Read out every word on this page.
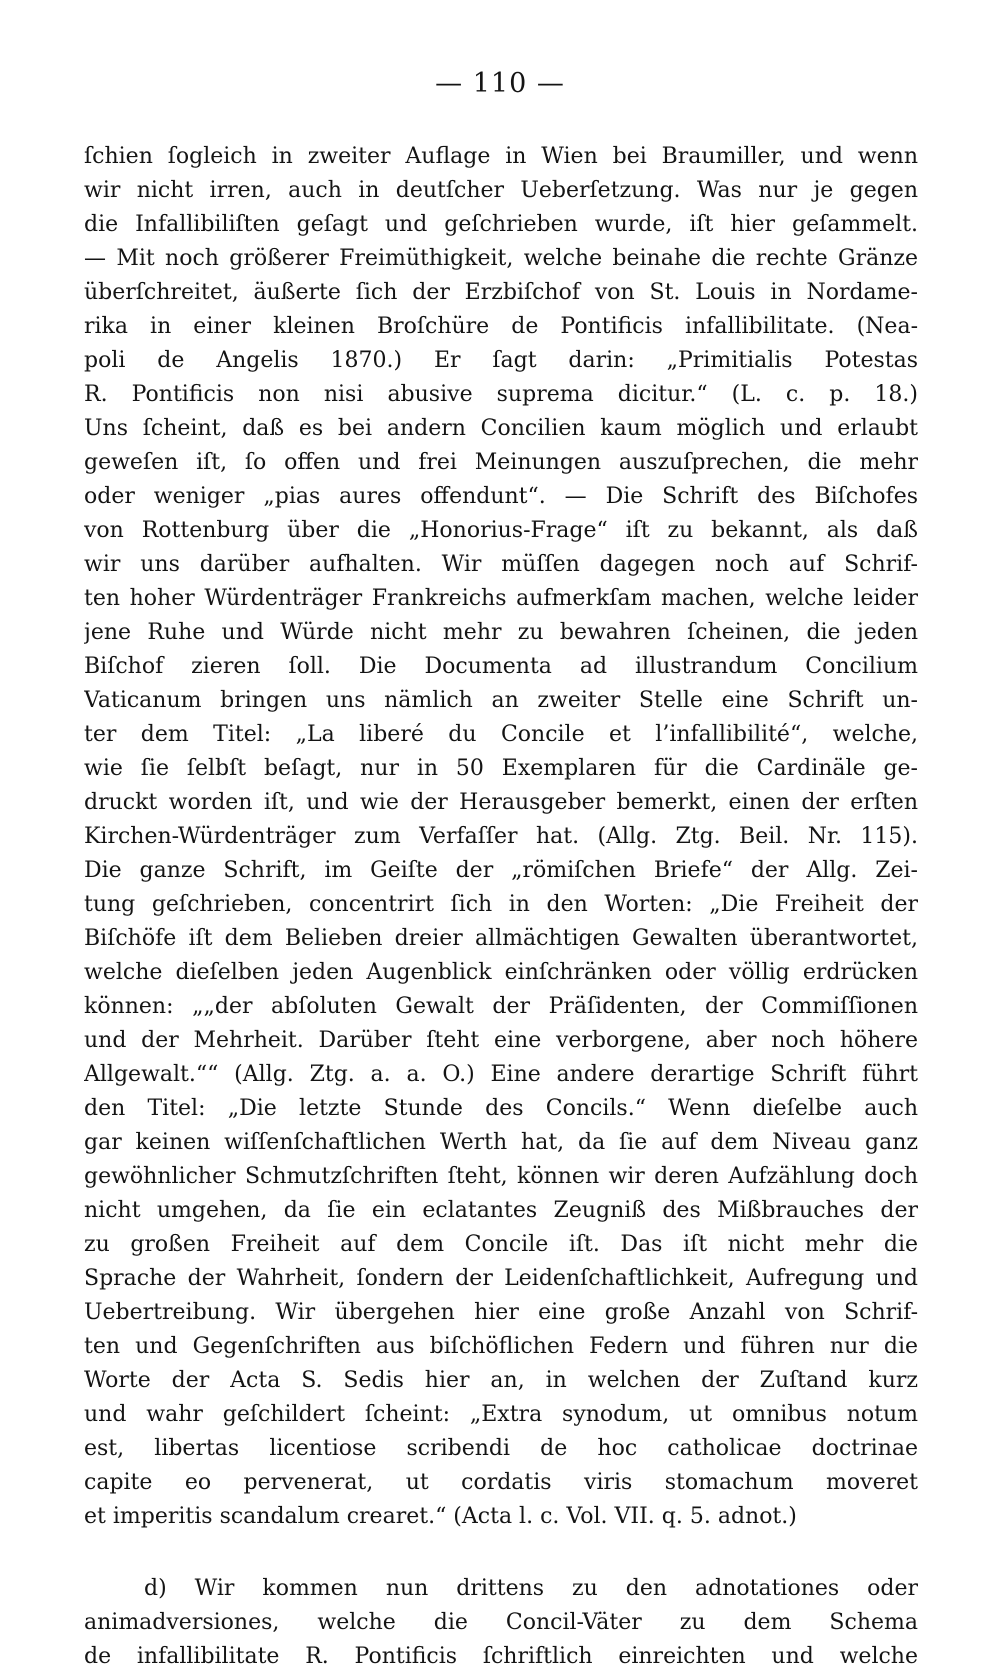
— 110 —
ſchien ſogleich in zweiter Auflage in Wien bei Braumiller, und wenn
wir nicht irren, auch in deutſcher Ueberſetzung. Was nur je gegen
die Infallibiliſten geſagt und geſchrieben wurde, iſt hier geſammelt.
— Mit noch größerer Freimüthigkeit, welche beinahe die rechte Gränze
überſchreitet, äußerte ſich der Erzbiſchof von St. Louis in Nordame-
rika in einer kleinen Broſchüre de Pontificis infallibilitate. (Nea-
poli de Angelis 1870.) Er ſagt darin: „Primitialis Potestas
R. Pontificis non nisi abusive suprema dicitur.“ (L. c. p. 18.)
Uns ſcheint, daß es bei andern Concilien kaum möglich und erlaubt
geweſen iſt, ſo offen und frei Meinungen auszuſprechen, die mehr
oder weniger „pias aures offendunt“. — Die Schrift des Biſchofes
von Rottenburg über die „Honorius-Frage“ iſt zu bekannt, als daß
wir uns darüber aufhalten. Wir müſſen dagegen noch auf Schrif-
ten hoher Würdenträger Frankreichs aufmerkſam machen, welche leider
jene Ruhe und Würde nicht mehr zu bewahren ſcheinen, die jeden
Biſchof zieren ſoll. Die Documenta ad illustrandum Concilium
Vaticanum bringen uns nämlich an zweiter Stelle eine Schrift un-
ter dem Titel: „La liberé du Concile et l’infallibilité“, welche,
wie ſie ſelbſt beſagt, nur in 50 Exemplaren für die Cardinäle ge-
druckt worden iſt, und wie der Herausgeber bemerkt, einen der erſten
Kirchen-Würdenträger zum Verfaſſer hat. (Allg. Ztg. Beil. Nr. 115).
Die ganze Schrift, im Geiſte der „römiſchen Briefe“ der Allg. Zei-
tung geſchrieben, concentrirt ſich in den Worten: „Die Freiheit der
Biſchöfe iſt dem Belieben dreier allmächtigen Gewalten überantwortet,
welche dieſelben jeden Augenblick einſchränken oder völlig erdrücken
können: „„der abſoluten Gewalt der Präſidenten, der Commiſſionen
und der Mehrheit. Darüber ſteht eine verborgene, aber noch höhere
Allgewalt.““ (Allg. Ztg. a. a. O.) Eine andere derartige Schrift führt
den Titel: „Die letzte Stunde des Concils.“ Wenn dieſelbe auch
gar keinen wiſſenſchaftlichen Werth hat, da ſie auf dem Niveau ganz
gewöhnlicher Schmutzſchriften ſteht, können wir deren Aufzählung doch
nicht umgehen, da ſie ein eclatantes Zeugniß des Mißbrauches der
zu großen Freiheit auf dem Concile iſt. Das iſt nicht mehr die
Sprache der Wahrheit, ſondern der Leidenſchaftlichkeit, Aufregung und
Uebertreibung. Wir übergehen hier eine große Anzahl von Schrif-
ten und Gegenſchriften aus biſchöflichen Federn und führen nur die
Worte der Acta S. Sedis hier an, in welchen der Zuſtand kurz
und wahr geſchildert ſcheint: „Extra synodum, ut omnibus notum
est, libertas licentiose scribendi de hoc catholicae doctrinae
capite eo pervenerat, ut cordatis viris stomachum moveret
et imperitis scandalum crearet.“ (Acta l. c. Vol. VII. q. 5. adnot.)
d) Wir kommen nun drittens zu den adnotationes oder
animadversiones, welche die Concil-Väter zu dem Schema
de infallibilitate R. Pontificis ſchriftlich einreichten und welche
